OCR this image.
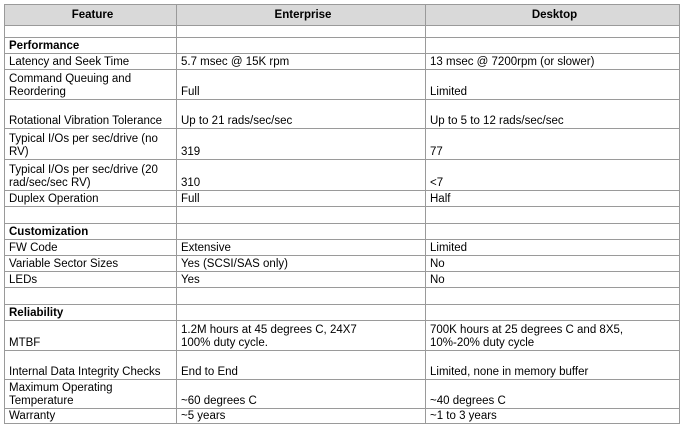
Feature	Enterprise	Desktop

Performance		
Latency and Seek Time	5.7 msec @ 15K rpm	13 msec @ 7200rpm (or slower)
Command Queuing and Reordering	Full	Limited
Rotational Vibration Tolerance	Up to 21 rads/sec/sec	Up to 5 to 12 rads/sec/sec
Typical I/Os per sec/drive (no RV)	319	77
Typical I/Os per sec/drive (20 rad/sec/sec RV)	310	<7
Duplex Operation	Full	Half

Customization		
FW Code	Extensive	Limited
Variable Sector Sizes	Yes (SCSI/SAS only)	No
LEDs	Yes	No

Reliability		
MTBF	1.2M hours at 45 degrees C, 24X7 100% duty cycle.	700K hours at 25 degrees C and 8X5, 10%-20% duty cycle
Internal Data Integrity Checks	End to End	Limited, none in memory buffer
Maximum Operating Temperature	~60 degrees C	~40 degrees C
Warranty	~5 years	~1 to 3 years
